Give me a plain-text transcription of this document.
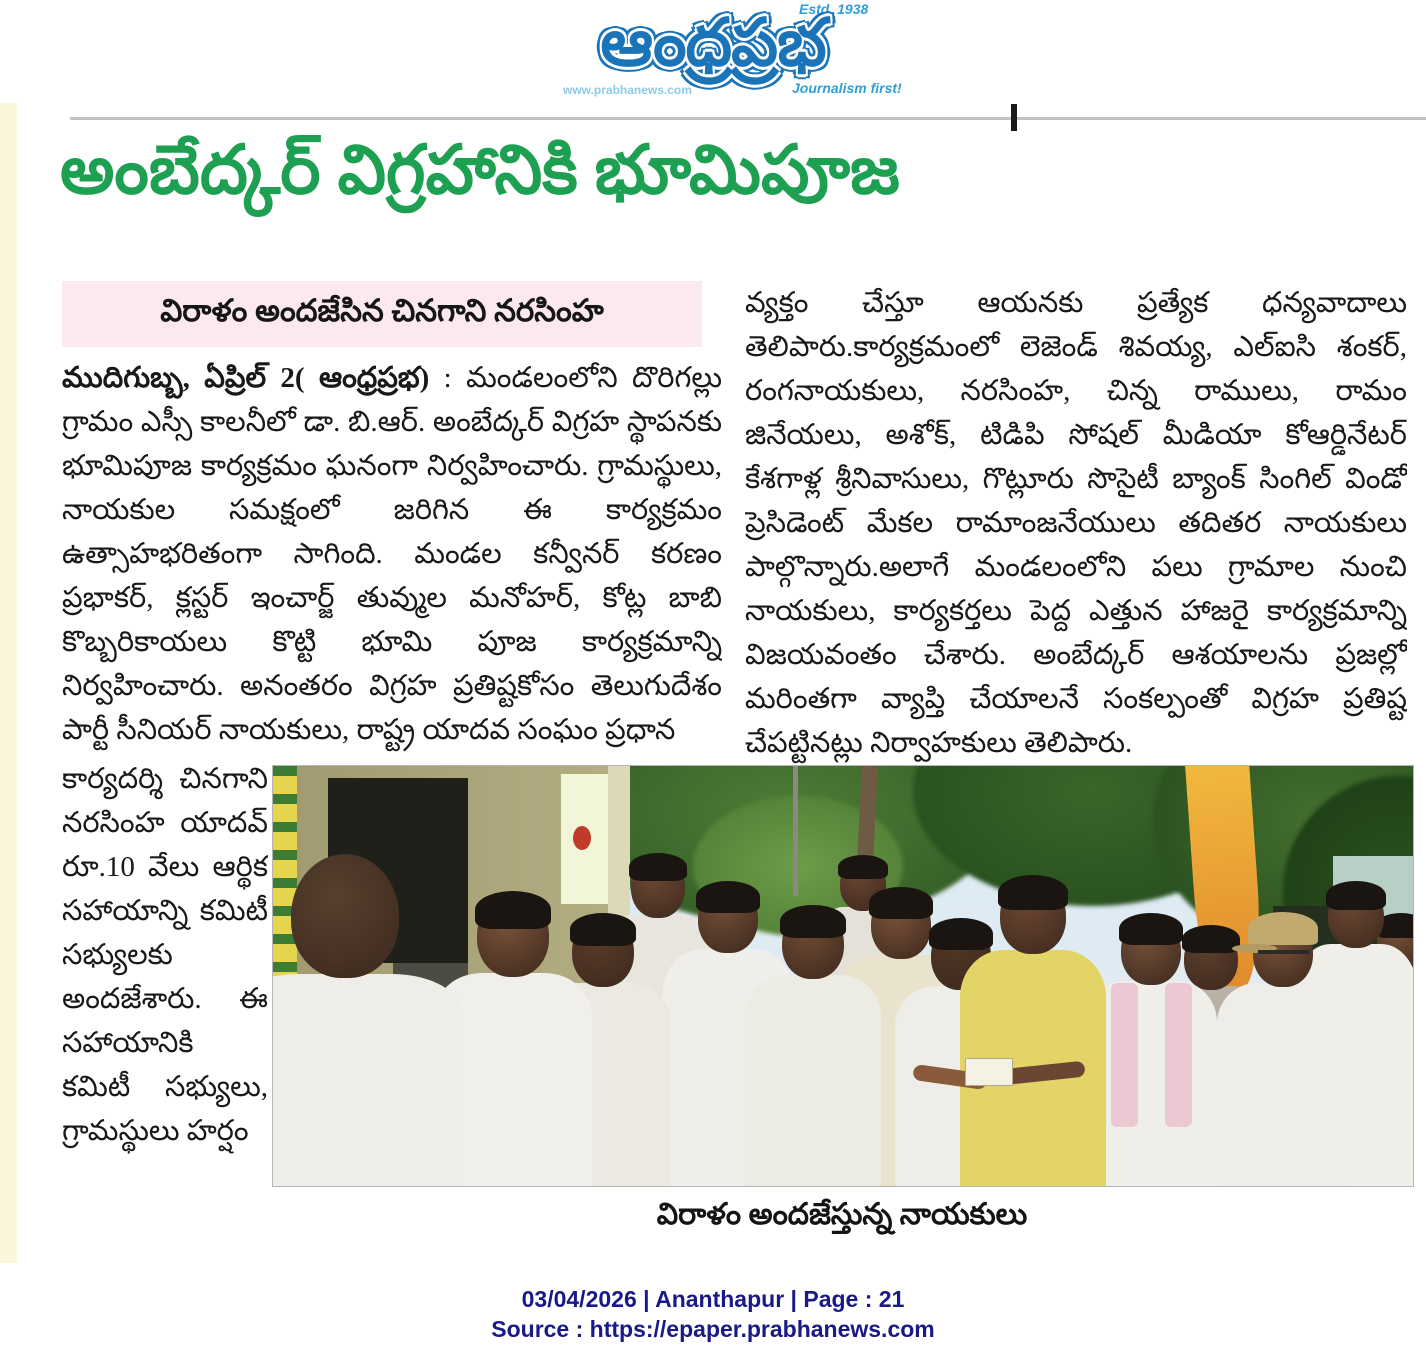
Estd. 1938
ఆంధ్రప్రభ
www.prabhanews.com	Journalism first!
అంబేద్కర్ విగ్రహానికి భూమిపూజ
విరాళం అందజేసిన చినగాని నరసింహ

ముదిగుబ్బ, ఏప్రిల్ 2( ఆంధ్రప్రభ) : మండలంలోని దొరిగల్లు గ్రామం ఎస్సీ కాలనీలో డా. బి.ఆర్. అంబేద్కర్ విగ్రహ స్థాపనకు భూమిపూజ కార్యక్రమం ఘనంగా నిర్వహించారు. గ్రామస్థులు, నాయకుల సమక్షంలో జరిగిన ఈ కార్యక్రమం ఉత్సాహభరితంగా సాగింది. మండల కన్వీనర్ కరణం ప్రభాకర్, క్లస్టర్ ఇంచార్జ్ తువ్ముల మనోహర్, కోట్ల బాబి కొబ్బరికాయలు కొట్టి భూమి పూజ కార్యక్రమాన్ని నిర్వహించారు. అనంతరం విగ్రహ ప్రతిష్టకోసం తెలుగుదేశం పార్టీ సీనియర్ నాయకులు, రాష్ట్ర యాదవ సంఘం ప్రధాన

కార్యదర్శి చినగాని నరసింహ యాదవ్ రూ.10 వేలు ఆర్థిక సహాయాన్ని కమిటీ సభ్యులకు అందజేశారు. ఈ సహాయానికి కమిటీ సభ్యులు, గ్రామస్థులు హర్షం

వ్యక్తం చేస్తూ ఆయనకు ప్రత్యేక ధన్యవాదాలు తెలిపారు.కార్యక్రమంలో లెజెండ్ శివయ్య, ఎల్ఐసి శంకర్, రంగనాయకులు, నరసింహ, చిన్న రాములు, రామం జినేయలు, అశోక్, టిడిపి సోషల్ మీడియా కోఆర్డినేటర్ కేశగాళ్ల శ్రీనివాసులు, గొట్లూరు సొసైటీ బ్యాంక్ సింగిల్ విండో ప్రెసిడెంట్ మేకల రామాంజనేయులు తదితర నాయకులు పాల్గొన్నారు.అలాగే మండలంలోని పలు గ్రామాల నుంచి నాయకులు, కార్యకర్తలు పెద్ద ఎత్తున హాజరై కార్యక్రమాన్ని విజయవంతం చేశారు. అంబేద్కర్ ఆశయాలను ప్రజల్లో మరింతగా వ్యాప్తి చేయాలనే సంకల్పంతో విగ్రహ ప్రతిష్ట చేపట్టినట్లు నిర్వాహకులు తెలిపారు.

విరాళం అందజేస్తున్న నాయకులు
03/04/2026 | Ananthapur | Page : 21
Source : https://epaper.prabhanews.com
